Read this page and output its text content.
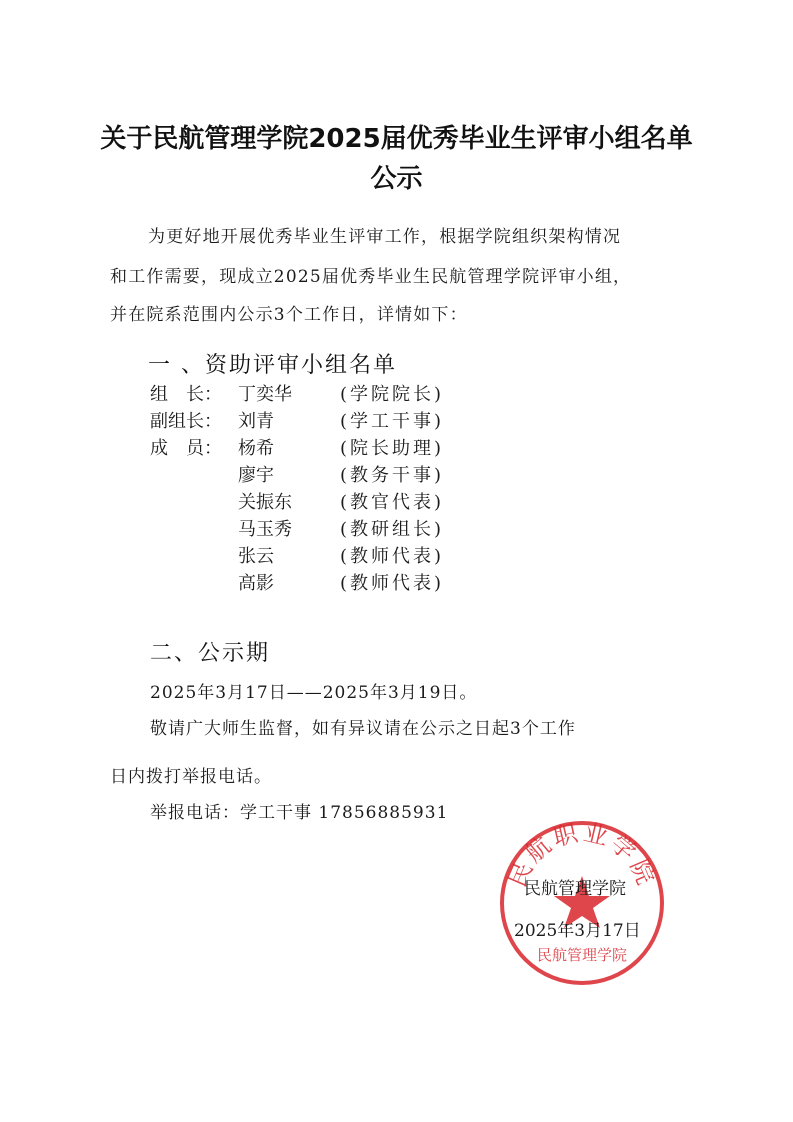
关于民航管理学院2025届优秀毕业生评审小组名单
公示
为更好地开展优秀毕业生评审工作，根据学院组织架构情况
和工作需要，现成立2025届优秀毕业生民航管理学院评审小组，
并在院系范围内公示3个工作日，详情如下：
一 、资助评审小组名单
组　长： 丁奕华	(学院院长)
副组长： 刘青	(学工干事)
成　员： 杨希	(院长助理)
廖宇	(教务干事)
关振东	(教官代表)
马玉秀	(教研组长)
张云	(教师代表)
高影	(教师代表)
二、公示期
2025年3月17日——2025年3月19日。
敬请广大师生监督，如有异议请在公示之日起3个工作
日内拨打举报电话。
举报电话：学工干事 17856885931
民航职业学院
民航管理学院
民航管理学院
2025年3月17日
